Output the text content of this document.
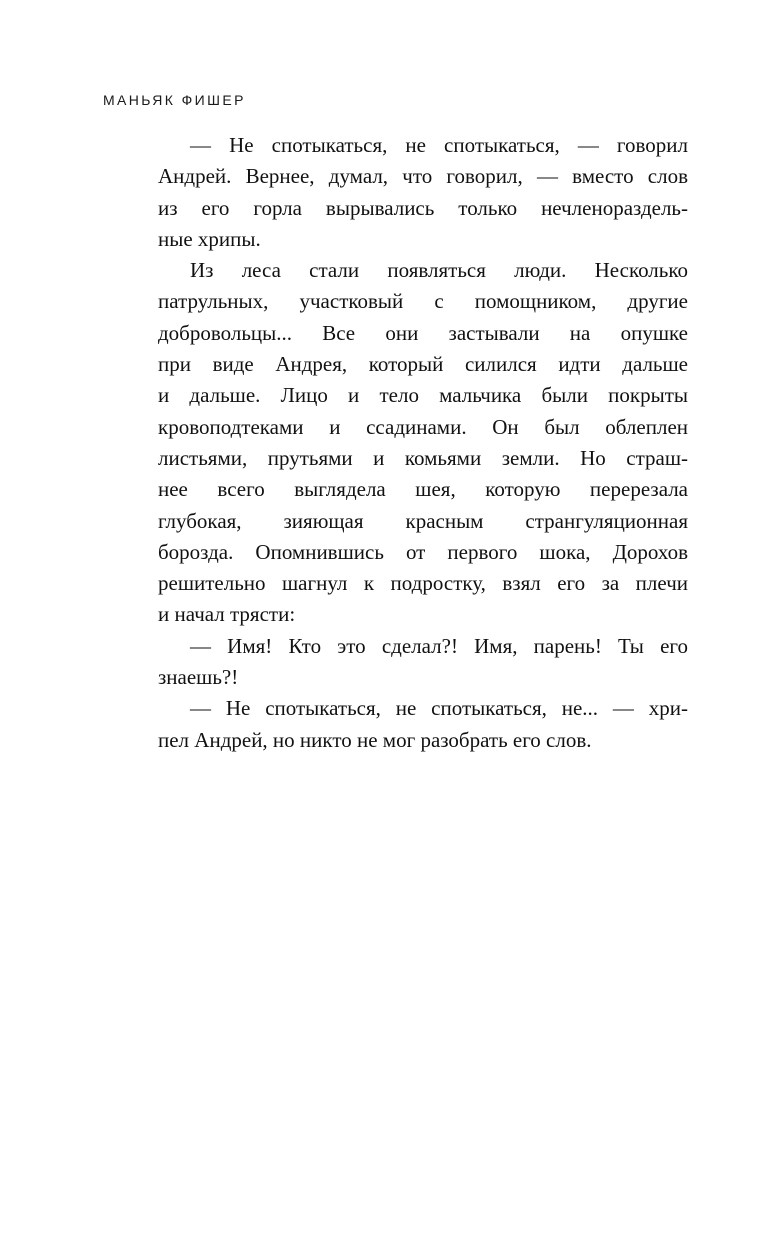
МАНЬЯК ФИШЕР

— Не спотыкаться, не спотыкаться, — говорил
Андрей. Вернее, думал, что говорил, — вместо слов
из его горла вырывались только нечленораздель-
ные хрипы.

Из леса стали появляться люди. Несколько
патрульных, участковый с помощником, другие
добровольцы... Все они застывали на опушке
при виде Андрея, который силился идти дальше
и дальше. Лицо и тело мальчика были покрыты
кровоподтеками и ссадинами. Он был облеплен
листьями, прутьями и комьями земли. Но страш-
нее всего выглядела шея, которую перерезала
глубокая, зияющая красным странгуляционная
борозда. Опомнившись от первого шока, Дорохов
решительно шагнул к подростку, взял его за плечи
и начал трясти:

— Имя! Кто это сделал?! Имя, парень! Ты его
знаешь?!

— Не спотыкаться, не спотыкаться, не... — хри-
пел Андрей, но никто не мог разобрать его слов.
